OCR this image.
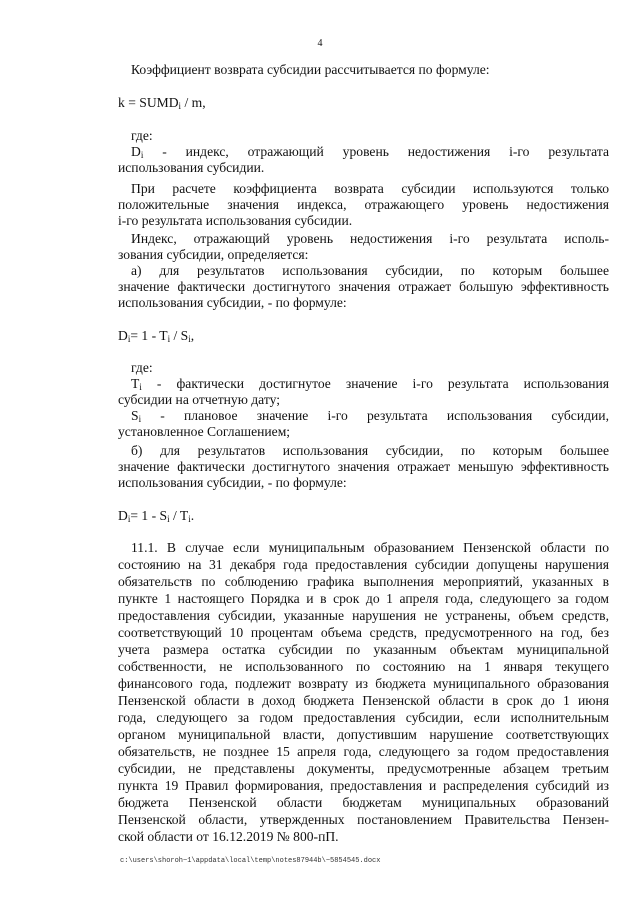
4
Коэффициент возврата субсидии рассчитывается по формуле:
$k = SUMD_i / m$,
где:
$D_i$ - индекс, отражающий уровень недостижения i-го результата
использования субсидии.
При расчете коэффициента возврата субсидии используются только
положительные значения индекса, отражающего уровень недостижения
i-го результата использования субсидии.
Индекс, отражающий уровень недостижения i-го результата исполь-
зования субсидии, определяется:
а) для результатов использования субсидии, по которым большее
значение фактически достигнутого значения отражает большую эффективность
использования субсидии, - по формуле:
$D_i= 1 - T_i / S_i$,
где:
$T_i$ - фактически достигнутое значение i-го результата использования
субсидии на отчетную дату;
$S_i$ - плановое значение i-го результата использования субсидии,
установленное Соглашением;
б) для результатов использования субсидии, по которым большее
значение фактически достигнутого значения отражает меньшую эффективность
использования субсидии, - по формуле:
$D_i= 1 - S_i / T_i$.
11.1. В случае если муниципальным образованием Пензенской области по
состоянию на 31 декабря года предоставления субсидии допущены нарушения
обязательств по соблюдению графика выполнения мероприятий, указанных в
пункте 1 настоящего Порядка и в срок до 1 апреля года, следующего за годом
предоставления субсидии, указанные нарушения не устранены, объем средств,
соответствующий 10 процентам объема средств, предусмотренного на год, без
учета размера остатка субсидии по указанным объектам муниципальной
собственности, не использованного по состоянию на 1 января текущего
финансового года, подлежит возврату из бюджета муниципального образования
Пензенской области в доход бюджета Пензенской области в срок до 1 июня
года, следующего за годом предоставления субсидии, если исполнительным
органом муниципальной власти, допустившим нарушение соответствующих
обязательств, не позднее 15 апреля года, следующего за годом предоставления
субсидии, не представлены документы, предусмотренные абзацем третьим
пункта 19 Правил формирования, предоставления и распределения субсидий из
бюджета Пензенской области бюджетам муниципальных образований
Пензенской области, утвержденных постановлением Правительства Пензен-
ской области от 16.12.2019 № 800-пП.
c:\users\shoroh~1\appdata\local\temp\notes87944b\~5854545.docx
